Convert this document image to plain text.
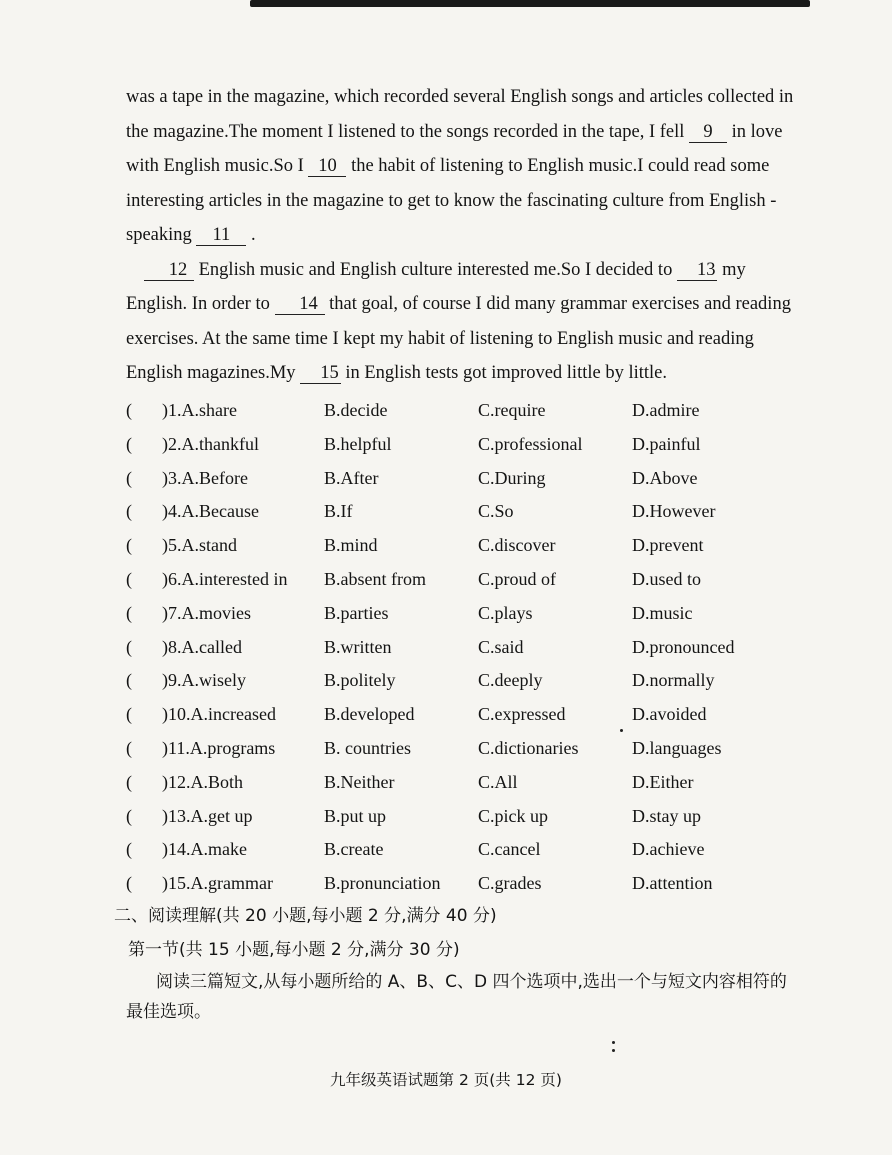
was a tape in the magazine, which recorded several English songs and articles collected in the magazine.The moment I listened to the songs recorded in the tape, I fell 9 in love with English music.So I 10 the habit of listening to English music.I could read some interesting articles in the magazine to get to know the fascinating culture from English - speaking 11 .

12 English music and English culture interested me.So I decided to 13 my English. In order to 14 that goal, of course I did many grammar exercises and reading exercises. At the same time I kept my habit of listening to English music and reading English magazines.My 15 in English tests got improved little by little.

( )1.A.share	B.decide	C.require	D.admire
( )2.A.thankful	B.helpful	C.professional	D.painful
( )3.A.Before	B.After	C.During	D.Above
( )4.A.Because	B.If	C.So	D.However
( )5.A.stand	B.mind	C.discover	D.prevent
( )6.A.interested in B.absent from	C.proud of	D.used to
( )7.A.movies	B.parties	C.plays	D.music
( )8.A.called	B.written	C.said	D.pronounced
( )9.A.wisely	B.politely	C.deeply	D.normally
( )10.A.increased	B.developed	C.expressed	D.avoided
( )11.A.programs	B. countries	C.dictionaries	D.languages
( )12.A.Both	B.Neither	C.All	D.Either
( )13.A.get up	B.put up	C.pick up	D.stay up
( )14.A.make	B.create	C.cancel	D.achieve
( )15.A.grammar	B.pronunciation C.grades	D.attention
二、阅读理解(共 20 小题,每小题 2 分,满分 40 分)
第一节(共 15 小题,每小题 2 分,满分 30 分)
阅读三篇短文,从每小题所给的 A、B、C、D 四个选项中,选出一个与短文内容相符的最佳选项。
九年级英语试题第 2 页(共 12 页)
